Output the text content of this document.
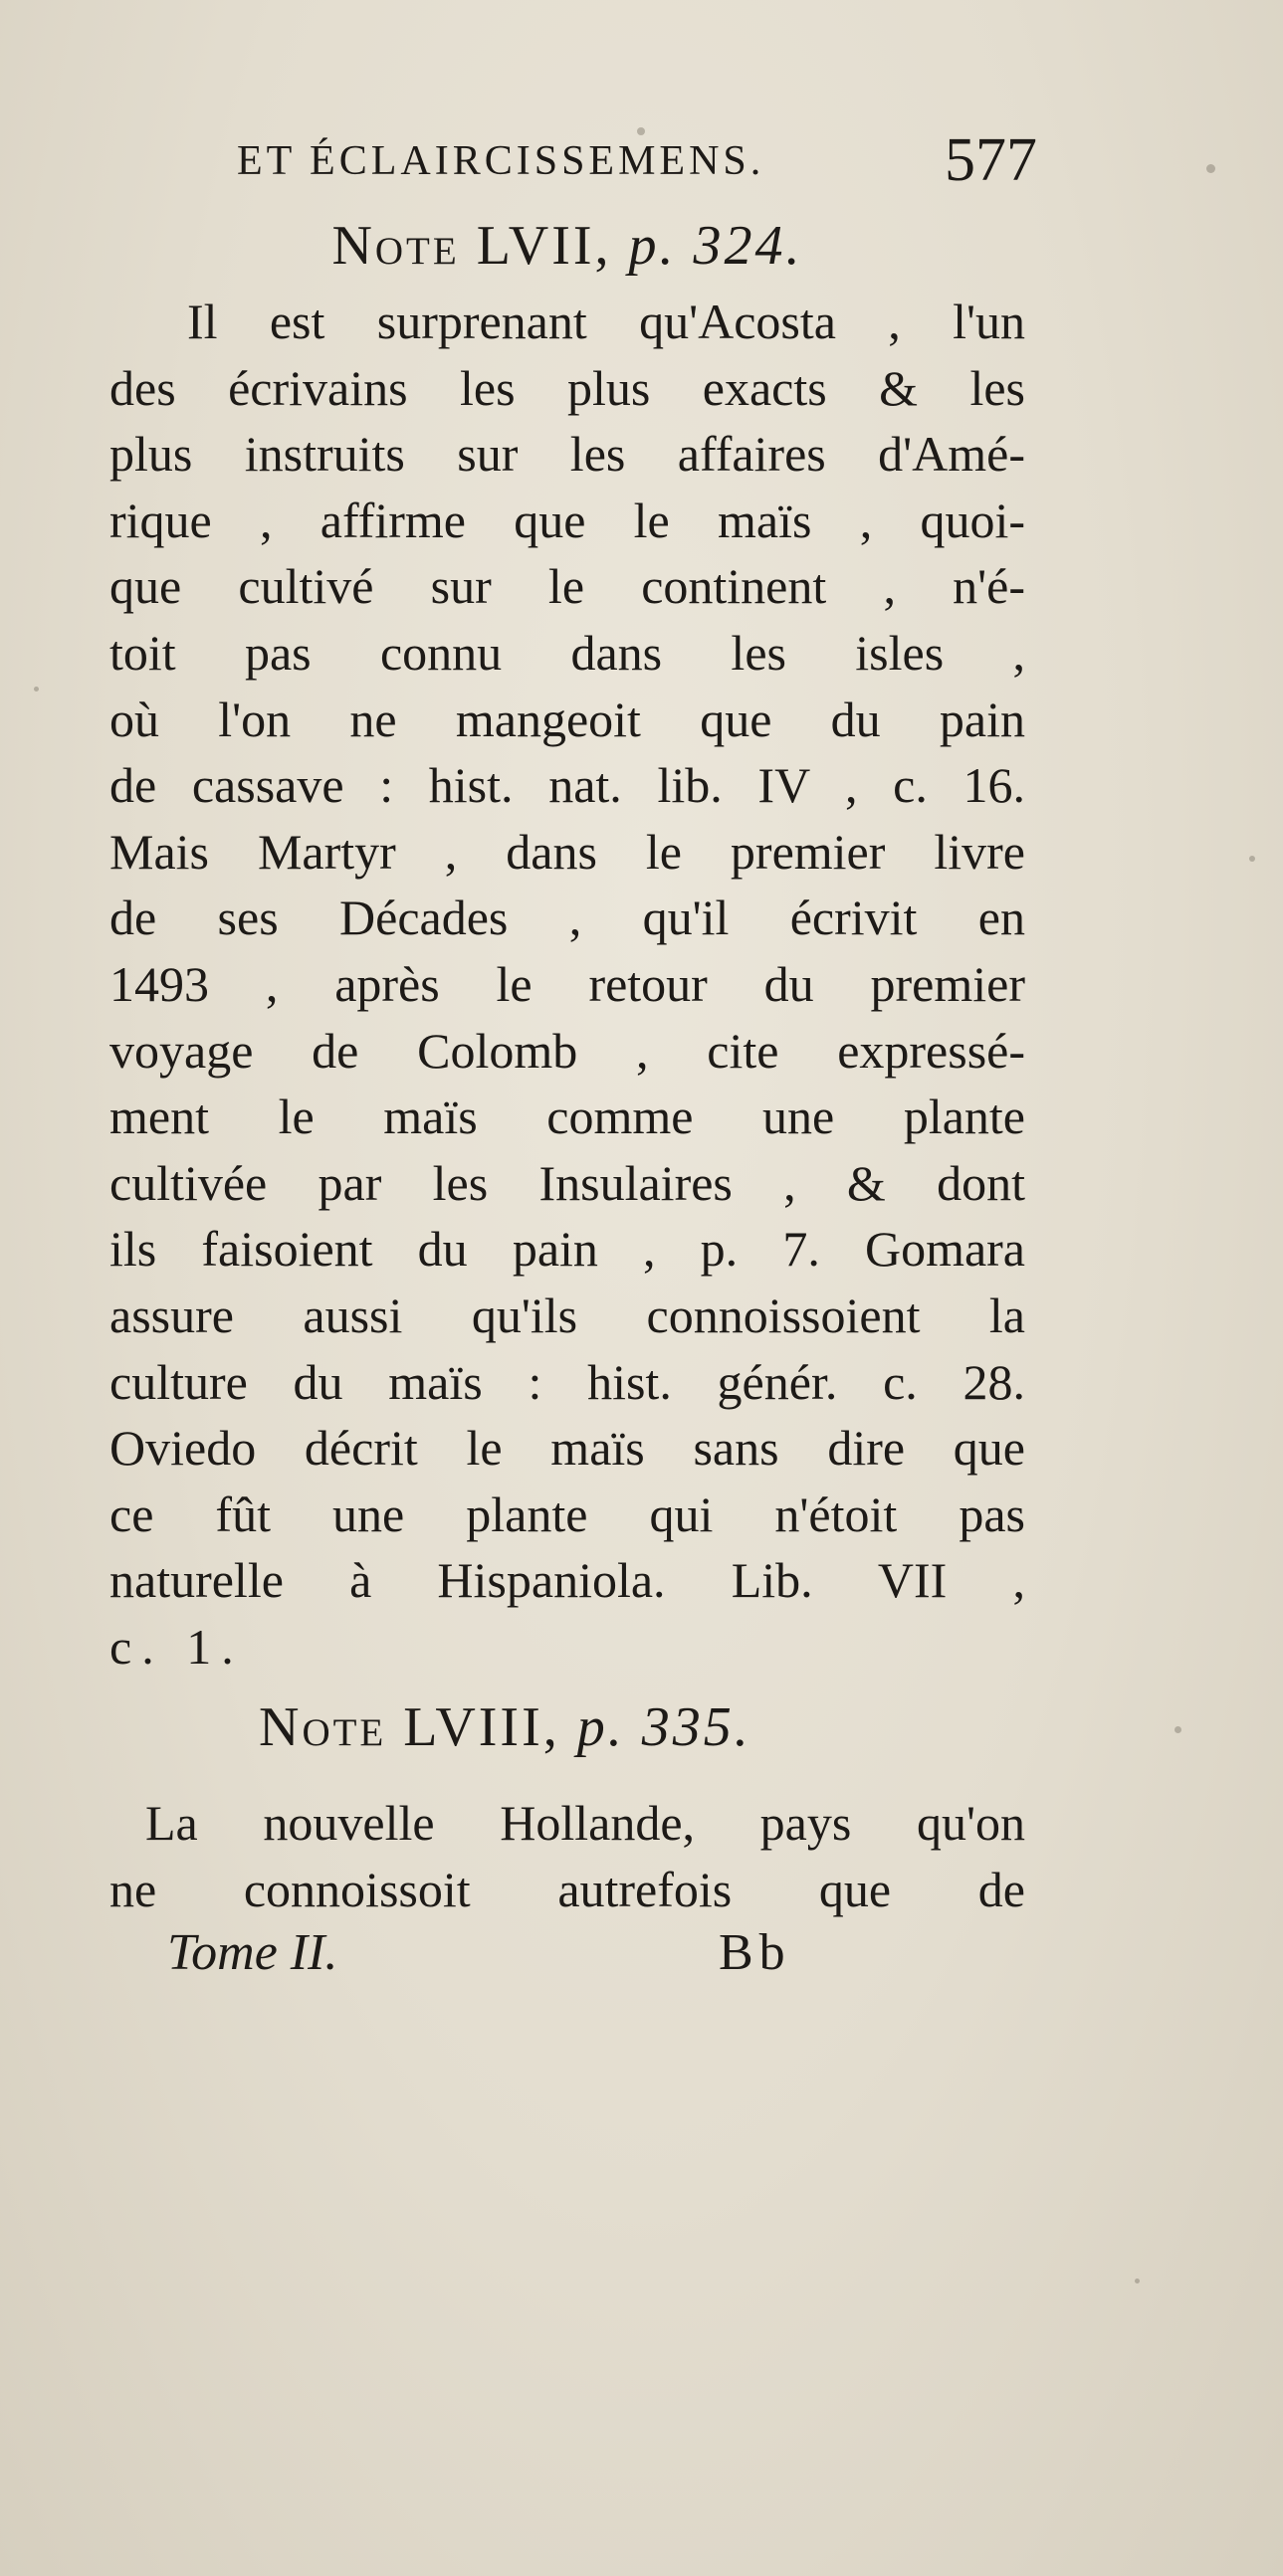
ET ÉCLAIRCISSEMENS.	577
Note LVII, p. 324.
Il est surprenant qu'Acosta , l'un
des écrivains les plus exacts & les
plus instruits sur les affaires d'Amé-
rique , affirme que le maïs , quoi-
que cultivé sur le continent , n'é-
toit pas connu dans les isles ,
où l'on ne mangeoit que du pain
de cassave : hist. nat. lib. IV , c. 16.
Mais Martyr , dans le premier livre
de ses Décades , qu'il écrivit en
1493 , après le retour du premier
voyage de Colomb , cite expressé-
ment le maïs comme une plante
cultivée par les Insulaires , & dont
ils faisoient du pain , p. 7. Gomara
assure aussi qu'ils connoissoient la
culture du maïs : hist. génér. c. 28.
Oviedo décrit le maïs sans dire que
ce fût une plante qui n'étoit pas
naturelle à Hispaniola. Lib. VII ,
c. 1.
Note LVIII, p. 335.
La nouvelle Hollande, pays qu'on
ne connoissoit autrefois que de
Tome II.	Bb
